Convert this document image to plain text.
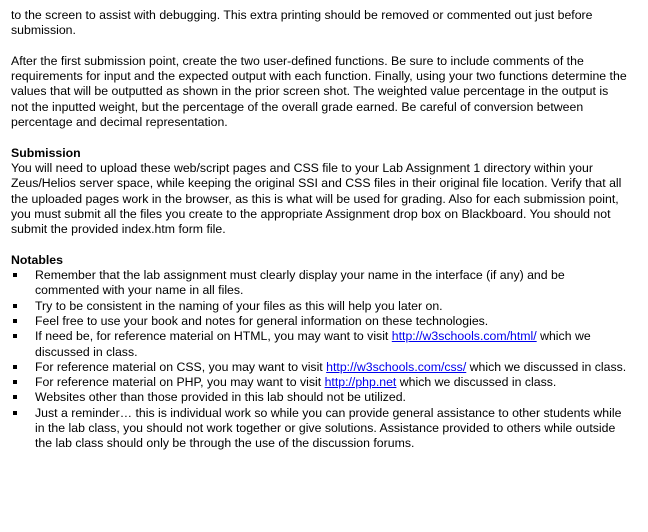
to the screen to assist with debugging. This extra printing should be removed or commented out just before submission.

After the first submission point, create the two user-defined functions. Be sure to include comments of the requirements for input and the expected output with each function. Finally, using your two functions determine the values that will be outputted as shown in the prior screen shot. The weighted value percentage in the output is not the inputted weight, but the percentage of the overall grade earned. Be careful of conversion between percentage and decimal representation.

Submission

You will need to upload these web/script pages and CSS file to your Lab Assignment 1 directory within your Zeus/Helios server space, while keeping the original SSI and CSS files in their original file location. Verify that all the uploaded pages work in the browser, as this is what will be used for grading. Also for each submission point, you must submit all the files you create to the appropriate Assignment drop box on Blackboard. You should not submit the provided index.htm form file.

Notables

Remember that the lab assignment must clearly display your name in the interface (if any) and be commented with your name in all files.
Try to be consistent in the naming of your files as this will help you later on.
Feel free to use your book and notes for general information on these technologies.
If need be, for reference material on HTML, you may want to visit http://w3schools.com/html/ which we discussed in class.
For reference material on CSS, you may want to visit http://w3schools.com/css/ which we discussed in class.
For reference material on PHP, you may want to visit http://php.net which we discussed in class.
Websites other than those provided in this lab should not be utilized.
Just a reminder… this is individual work so while you can provide general assistance to other students while in the lab class, you should not work together or give solutions. Assistance provided to others while outside the lab class should only be through the use of the discussion forums.
